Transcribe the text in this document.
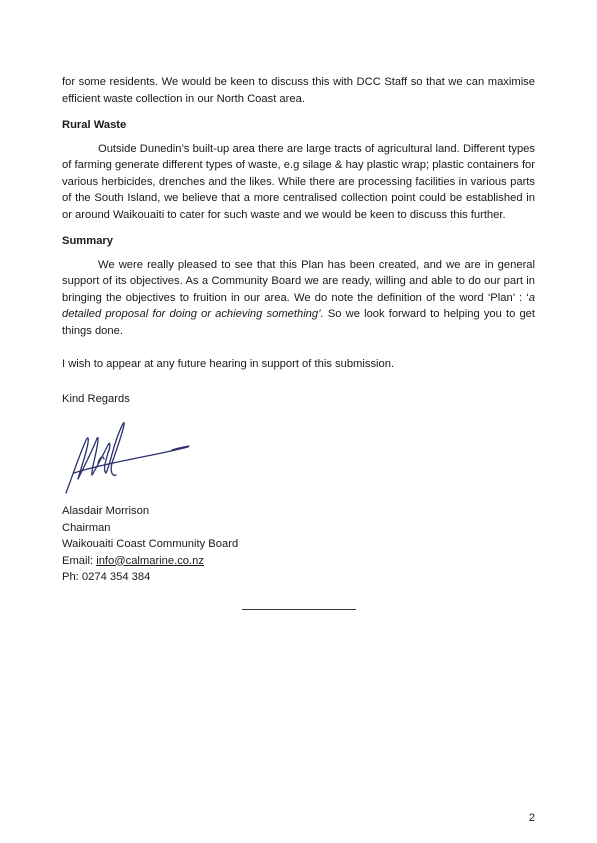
for some residents. We would be keen to discuss this with DCC Staff so that we can maximise efficient waste collection in our North Coast area.

Rural Waste

Outside Dunedin’s built-up area there are large tracts of agricultural land. Different types of farming generate different types of waste, e.g silage & hay plastic wrap; plastic containers for various herbicides, drenches and the likes. While there are processing facilities in various parts of the South Island, we believe that a more centralised collection point could be established in or around Waikouaiti to cater for such waste and we would be keen to discuss this further.

Summary

We were really pleased to see that this Plan has been created, and we are in general support of its objectives. As a Community Board we are ready, willing and able to do our part in bringing the objectives to fruition in our area. We do note the definition of the word ‘Plan’ : ‘a detailed proposal for doing or achieving something’. So we look forward to helping you to get things done.

I wish to appear at any future hearing in support of this submission.

Kind Regards

Alasdair Morrison

Chairman

Waikouaiti Coast Community Board

Email: info@calmarine.co.nz

Ph: 0274 354 384

2
